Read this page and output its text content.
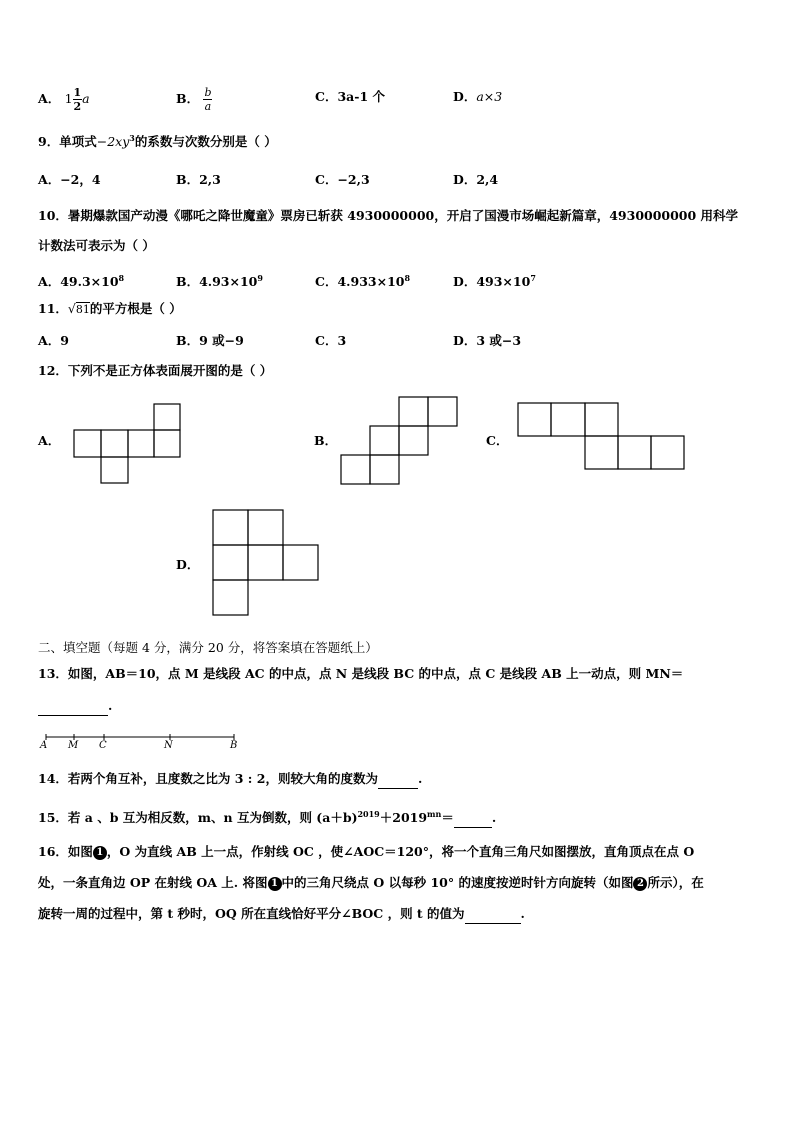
A． $1 \frac{1}{2}$ a	B． $\frac{b}{a}$	C．3a-1 个	D．a×3
9．单项式$-2xy^3$的系数与次数分别是（ ）
A．−2，4	B．2,3	C．−2,3	D．2,4
10．暑期爆款国产动漫《哪吒之降世魔童》票房已斩获 4930000000，开启了国漫市场崛起新篇章，4930000000 用科学
计数法可表示为（ ）
A．$49.3\times 10^8$	B．$4.93\times 10^9$	C．$4.933\times 10^8$	D．$493\times 10^7$
11．√81的平方根是（ ）
A．9	B．9 或−9	C．3	D．3 或−3
12．下列不是正方体表面展开图的是（ ）
A．	B．	C．
D．
二、填空题（每题 4 分，满分 20 分，将答案填在答题纸上）
13．如图，AB＝10，点 M 是线段 AC 的中点，点 N 是线段 BC 的中点，点 C 是线段 AB 上一动点，则 MN＝
.
A M C	N	B
14．若两个角互补，且度数之比为 3 : 2，则较大角的度数为	.
15．若 a 、b 互为相反数，m、n 互为倒数，则 $(a+b)^{2019}+2019^{mn}=$	.
16．如图 1 ，O 为直线 AB 上一点，作射线 OC ，使∠AOC＝120°，将一个直角三角尺如图摆放，直角顶点在点 O
处，一条直角边 OP 在射线 OA 上. 将图 1 中的三角尺绕点 O 以每秒 10° 的速度按逆时针方向旋转（如图 2 所示），在
旋转一周的过程中，第 t 秒时，OQ 所在直线恰好平分∠BOC ，则 t 的值为	.
